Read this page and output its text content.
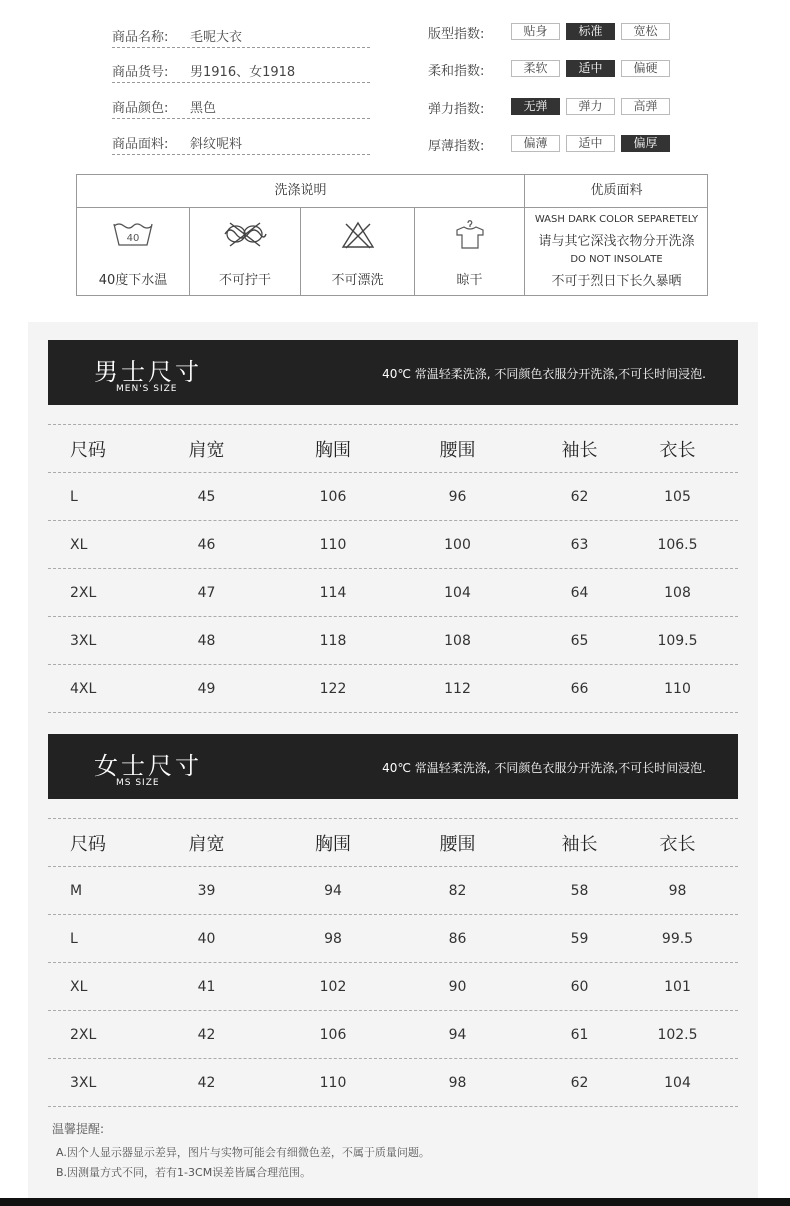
商品名称: 毛呢大衣
商品货号: 男1916、女1918
商品颜色: 黑色
商品面料: 斜纹呢料
版型指数:	贴身	标准	宽松
柔和指数:	柔软	适中	偏硬
弹力指数:	无弹	弹力	高弹
厚薄指数:	偏薄	适中	偏厚
洗涤说明	优质面料
40
40度下水温	不可拧干	不可漂洗	晾干
WASH DARK COLOR SEPARETELY
请与其它深浅衣物分开洗涤
DO NOT INSOLATE
不可于烈日下长久暴晒
男士尺寸
MEN'S SIZE
40℃ 常温轻柔洗涤, 不同颜色衣服分开洗涤,不可长时间浸泡.
尺码	肩宽	胸围	腰围	袖长	衣长
L	45	106	96	62	105
XL	46	110	100	63	106.5
2XL	47	114	104	64	108
3XL	48	118	108	65	109.5
4XL	49	122	112	66	110
女士尺寸
MS SIZE
40℃ 常温轻柔洗涤, 不同颜色衣服分开洗涤,不可长时间浸泡.
尺码	肩宽	胸围	腰围	袖长	衣长
M	39	94	82	58	98
L	40	98	86	59	99.5
XL	41	102	90	60	101
2XL	42	106	94	61	102.5
3XL	42	110	98	62	104

温馨提醒:

A.因个人显示器显示差异，图片与实物可能会有细微色差，不属于质量问题。

B.因测量方式不同，若有1-3CM误差皆属合理范围。
